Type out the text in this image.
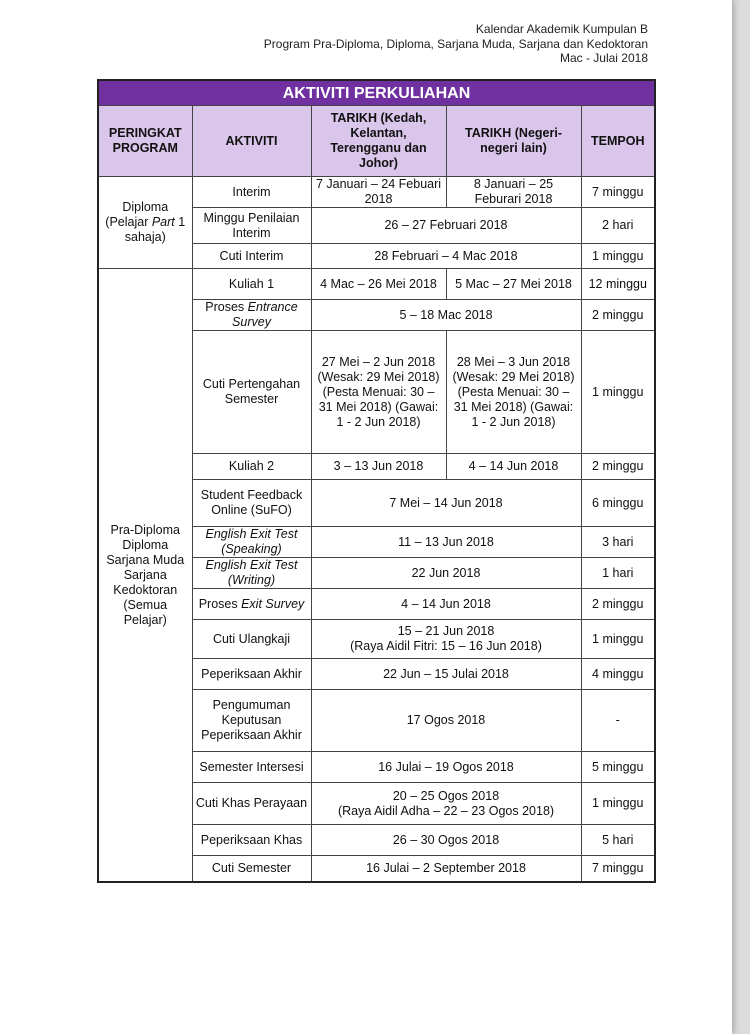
Kalendar Akademik Kumpulan B
Program Pra-Diploma, Diploma, Sarjana Muda, Sarjana dan Kedoktoran
Mac - Julai 2018
AKTIVITI PERKULIAHAN				
PERINGKAT PROGRAM	AKTIVITI	TARIKH (Kedah, Kelantan, Terengganu dan Johor)	TARIKH (Negeri-negeri lain)	TEMPOH
Diploma (Pelajar Part 1 sahaja)	Interim	7 Januari – 24 Febuari 2018	8 Januari – 25 Feburari 2018	7 minggu
	Minggu Penilaian Interim	26 – 27 Februari 2018		2 hari
	Cuti Interim	28 Februari – 4 Mac 2018		1 minggu
Pra-Diploma Diploma Sarjana Muda Sarjana Kedoktoran (Semua Pelajar)	Kuliah 1	4 Mac – 26 Mei 2018	5 Mac – 27 Mei 2018	12 minggu
	Proses Entrance Survey	5 – 18 Mac 2018		2 minggu
	Cuti Pertengahan Semester	27 Mei – 2 Jun 2018 (Wesak: 29 Mei 2018) (Pesta Menuai: 30 – 31 Mei 2018) (Gawai: 1 - 2 Jun 2018)	28 Mei – 3 Jun 2018 (Wesak: 29 Mei 2018) (Pesta Menuai: 30 – 31 Mei 2018) (Gawai: 1 - 2 Jun 2018)	1 minggu
	Kuliah 2	3 – 13 Jun 2018	4 – 14 Jun 2018	2 minggu
	Student Feedback Online (SuFO)	7 Mei – 14 Jun 2018		6 minggu
	English Exit Test
(Speaking)	11 – 13 Jun 2018		3 hari
	English Exit Test
(Writing)	22 Jun 2018		1 hari
	Proses Exit Survey	4 – 14 Jun 2018		2 minggu
	Cuti Ulangkaji	15 – 21 Jun 2018
(Raya Aidil Fitri: 15 – 16 Jun 2018)		1 minggu
	Peperiksaan Akhir	22 Jun – 15 Julai 2018		4 minggu
	Pengumuman Keputusan Peperiksaan Akhir	17 Ogos 2018		-
	Semester Intersesi	16 Julai – 19 Ogos 2018		5 minggu
	Cuti Khas Perayaan	20 – 25 Ogos 2018
(Raya Aidil Adha – 22 – 23 Ogos 2018)		1 minggu
	Peperiksaan Khas	26 – 30 Ogos 2018		5 hari
	Cuti Semester	16 Julai – 2 September 2018		7 minggu
